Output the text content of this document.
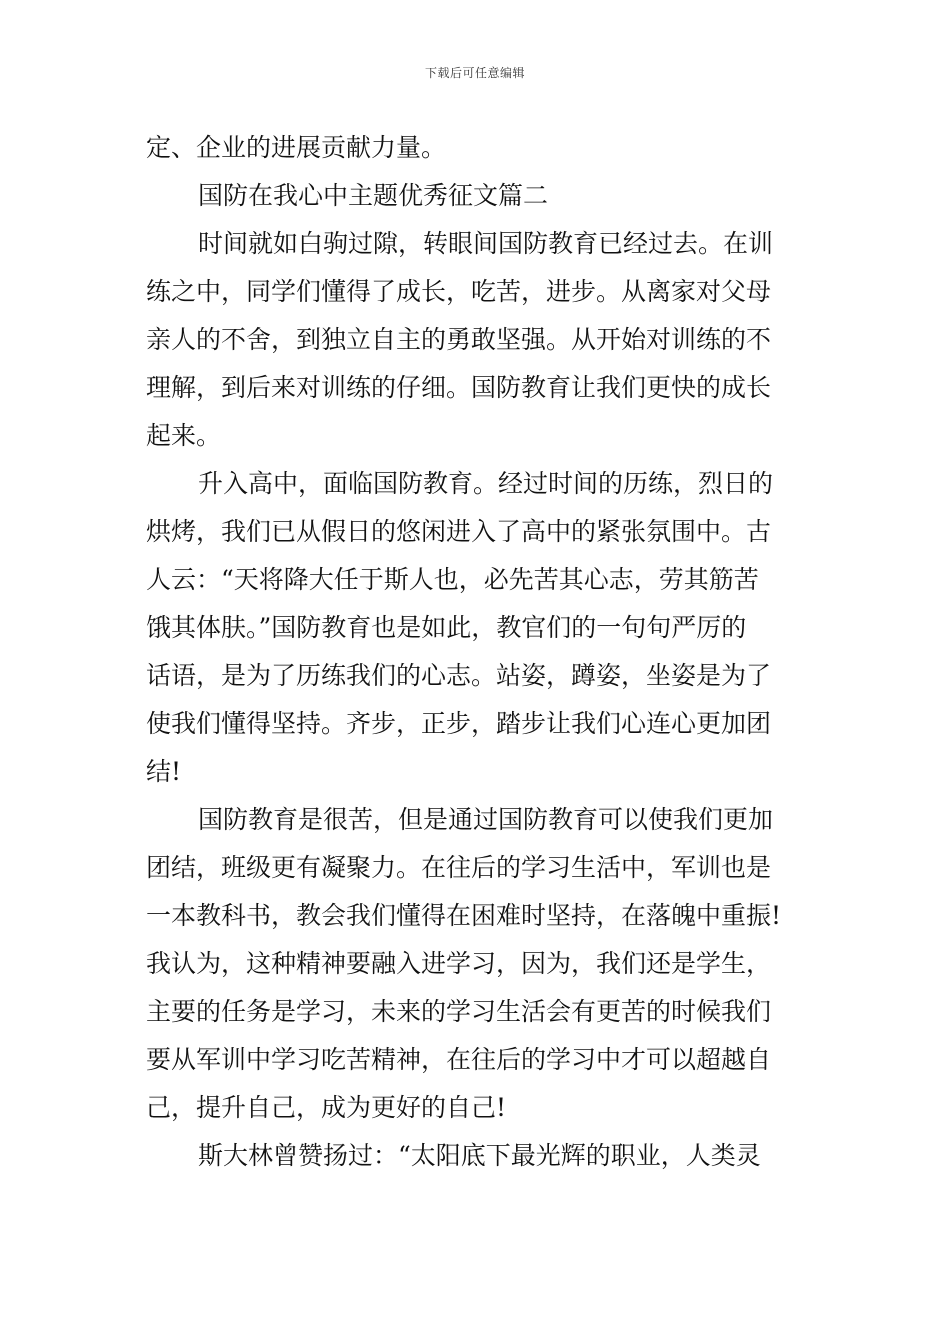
下载后可任意编辑
定、企业的进展贡献力量。
国防在我心中主题优秀征文篇二
时间就如白驹过隙，转眼间国防教育已经过去。在训
练之中，同学们懂得了成长，吃苦，进步。从离家对父母
亲人的不舍，到独立自主的勇敢坚强。从开始对训练的不
理解，到后来对训练的仔细。国防教育让我们更快的成长
起来。
升入高中，面临国防教育。经过时间的历练，烈日的
烘烤，我们已从假日的悠闲进入了高中的紧张氛围中。古
人云：“天将降大任于斯人也，必先苦其心志，劳其筋苦
饿其体肤。”国防教育也是如此，教官们的一句句严厉的
话语，是为了历练我们的心志。站姿，蹲姿，坐姿是为了
使我们懂得坚持。齐步，正步，踏步让我们心连心更加团
结!
国防教育是很苦，但是通过国防教育可以使我们更加
团结，班级更有凝聚力。在往后的学习生活中，军训也是
一本教科书，教会我们懂得在困难时坚持，在落魄中重振!
我认为，这种精神要融入进学习，因为，我们还是学生，
主要的任务是学习，未来的学习生活会有更苦的时候我们
要从军训中学习吃苦精神，在往后的学习中才可以超越自
己，提升自己，成为更好的自己!
斯大林曾赞扬过：“太阳底下最光辉的职业，人类灵
